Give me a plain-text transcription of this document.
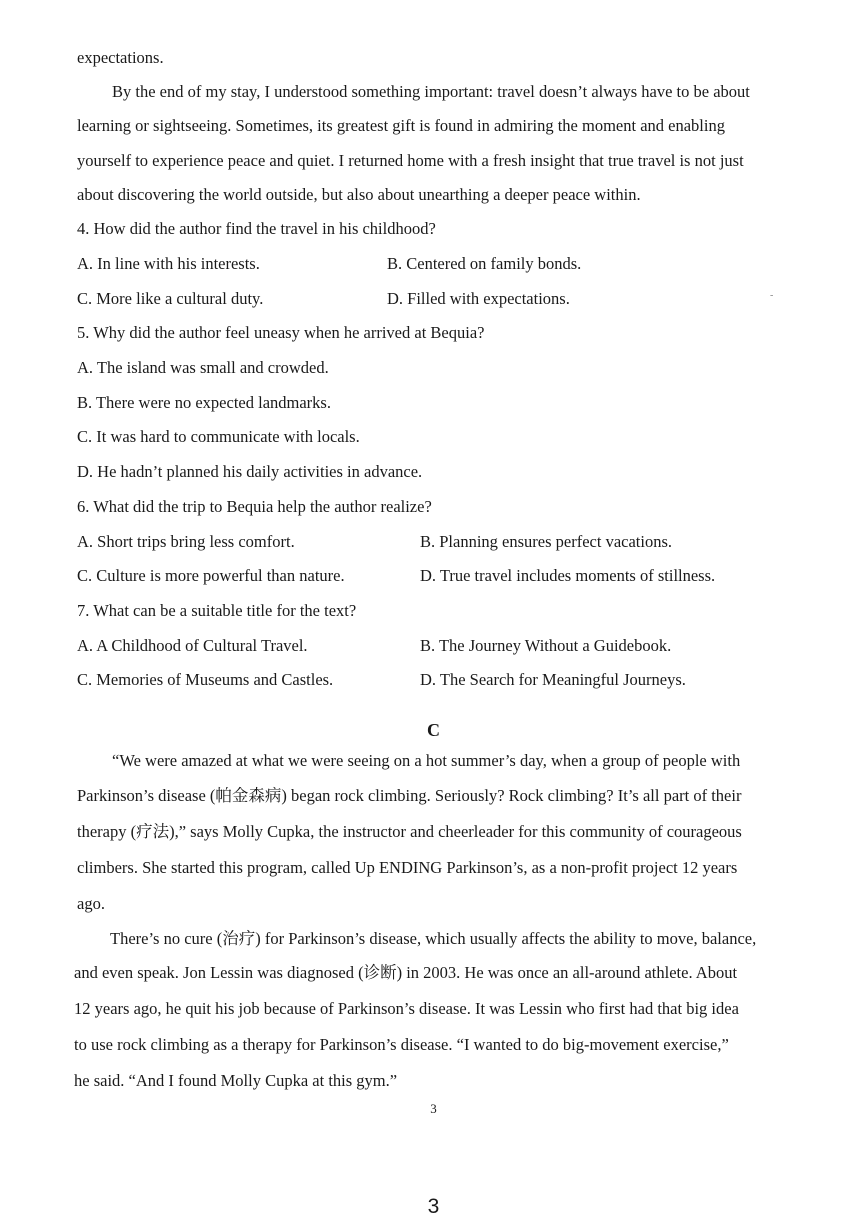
expectations.
By the end of my stay, I understood something important: travel doesn’t always have to be about
learning or sightseeing. Sometimes, its greatest gift is found in admiring the moment and enabling
yourself to experience peace and quiet. I returned home with a fresh insight that true travel is not just
about discovering the world outside, but also about unearthing a deeper peace within.
4. How did the author find the travel in his childhood?
A. In line with his interests.	B. Centered on family bonds.
C. More like a cultural duty.	D. Filled with expectations.	-
5. Why did the author feel uneasy when he arrived at Bequia?
A. The island was small and crowded.
B. There were no expected landmarks.
C. It was hard to communicate with locals.
D. He hadn’t planned his daily activities in advance.
6. What did the trip to Bequia help the author realize?
A. Short trips bring less comfort.	B. Planning ensures perfect vacations.
C. Culture is more powerful than nature.	D. True travel includes moments of stillness.
7. What can be a suitable title for the text?
A. A Childhood of Cultural Travel.	B. The Journey Without a Guidebook.
C. Memories of Museums and Castles.	D. The Search for Meaningful Journeys.
C
“We were amazed at what we were seeing on a hot summer’s day, when a group of people with
Parkinson’s disease (帕金森病) began rock climbing. Seriously? Rock climbing? It’s all part of their
therapy (疗法),” says Molly Cupka, the instructor and cheerleader for this community of courageous
climbers. She started this program, called Up ENDING Parkinson’s, as a non-profit project 12 years
ago.
There’s no cure (治疗) for Parkinson’s disease, which usually affects the ability to move, balance,
and even speak. Jon Lessin was diagnosed (诊断) in 2003. He was once an all-around athlete. About
12 years ago, he quit his job because of Parkinson’s disease. It was Lessin who first had that big idea
to use rock climbing as a therapy for Parkinson’s disease. “I wanted to do big-movement exercise,”
he said. “And I found Molly Cupka at this gym.”
3
3
